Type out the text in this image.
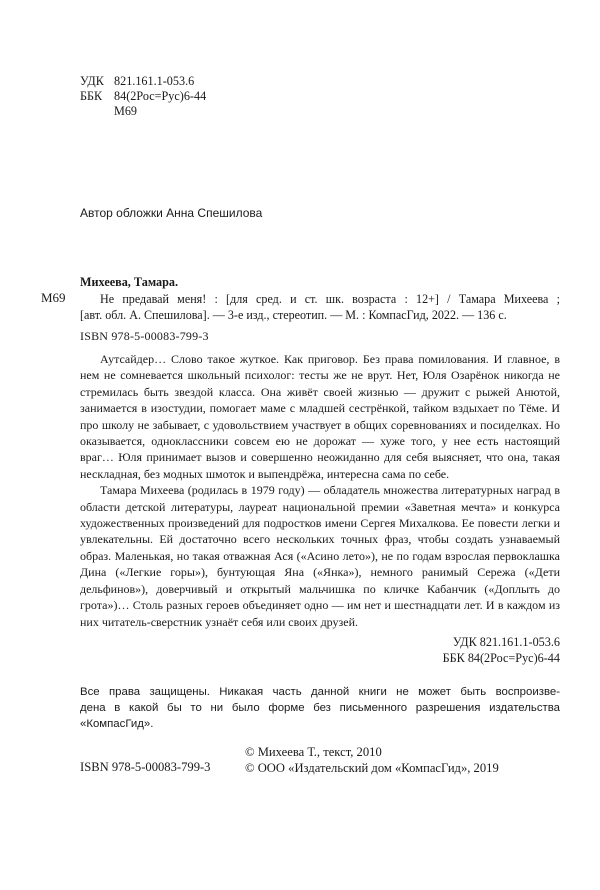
УДК 821.161.1-053.6
ББК 84(2Рос=Рус)6-44
М69
Автор обложки Анна Спешилова
Михеева, Тамара.
М69	Не предавай меня! : [для сред. и ст. шк. возраста : 12+] / Тамара Михеева ;
[авт. обл. А. Спешилова]. — 3-е изд., стереотип. — М. : КомпасГид, 2022. — 136 с.
ISBN 978-5-00083-799-3

Аутсайдер… Слово такое жуткое. Как приговор. Без права помилования. И главное, в нем не сомневается школьный психолог: тесты же не врут. Нет, Юля Озарёнок никогда не стремилась быть звездой класса. Она живёт своей жизнью — дружит с рыжей Анютой, занимается в изостудии, помогает маме с младшей сестрёнкой, тайком вздыхает по Тёме. И про школу не забывает, с удовольствием участвует в общих соревнованиях и посиделках. Но оказывается, одноклассники совсем ею не дорожат — хуже того, у нее есть настоящий враг… Юля принимает вызов и совершенно неожиданно для себя выясняет, что она, такая нескладная, без модных шмоток и выпендрёжа, интересна сама по себе.

Тамара Михеева (родилась в 1979 году) — обладатель множества литературных наград в области детской литературы, лауреат национальной премии «Заветная мечта» и конкурса художественных произведений для подростков имени Сергея Михалкова. Ее повести легки и увлекательны. Ей достаточно всего нескольких точных фраз, чтобы создать узнаваемый образ. Маленькая, но такая отважная Ася («Асино лето»), не по годам взрослая первоклашка Дина («Легкие горы»), бунтующая Яна («Янка»), немного ранимый Сережа («Дети дельфинов»), доверчивый и открытый мальчишка по кличке Кабанчик («Доплыть до грота»)… Столь разных героев объединяет одно — им нет и шестнадцати лет. И в каждом из них читатель-сверстник узнаёт себя или своих друзей.

УДК 821.161.1-053.6
ББК 84(2Рос=Рус)6-44
Все права защищены. Никакая часть данной книги не может быть воспроизве-
дена в какой бы то ни было форме без письменного разрешения издательства
«КомпасГид».
© Михеева Т., текст, 2010
© ООО «Издательский дом «КомпасГид», 2019
ISBN 978-5-00083-799-3
